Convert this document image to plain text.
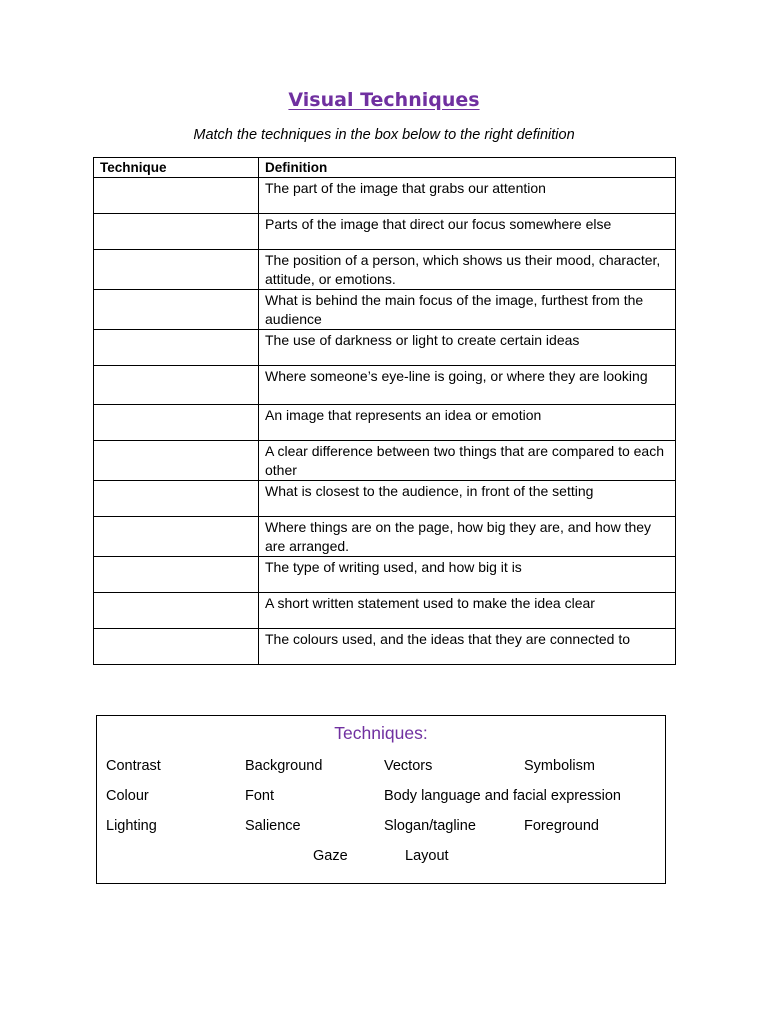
Visual Techniques

Match the techniques in the box below to the right definition

Technique	Definition
	The part of the image that grabs our attention
	Parts of the image that direct our focus somewhere else
	The position of a person, which shows us their mood, character, attitude, or emotions.
	What is behind the main focus of the image, furthest from the audience
	The use of darkness or light to create certain ideas
	Where someone’s eye-line is going, or where they are looking
	An image that represents an idea or emotion
	A clear difference between two things that are compared to each other
	What is closest to the audience, in front of the setting
	Where things are on the page, how big they are, and how they are arranged.
	The type of writing used, and how big it is
	A short written statement used to make the idea clear
	The colours used, and the ideas that they are connected to
Techniques:
Contrast	Background	Vectors	Symbolism
Colour	Font	Body language and facial expression
Lighting	Salience	Slogan/tagline	Foreground
Gaze	Layout
